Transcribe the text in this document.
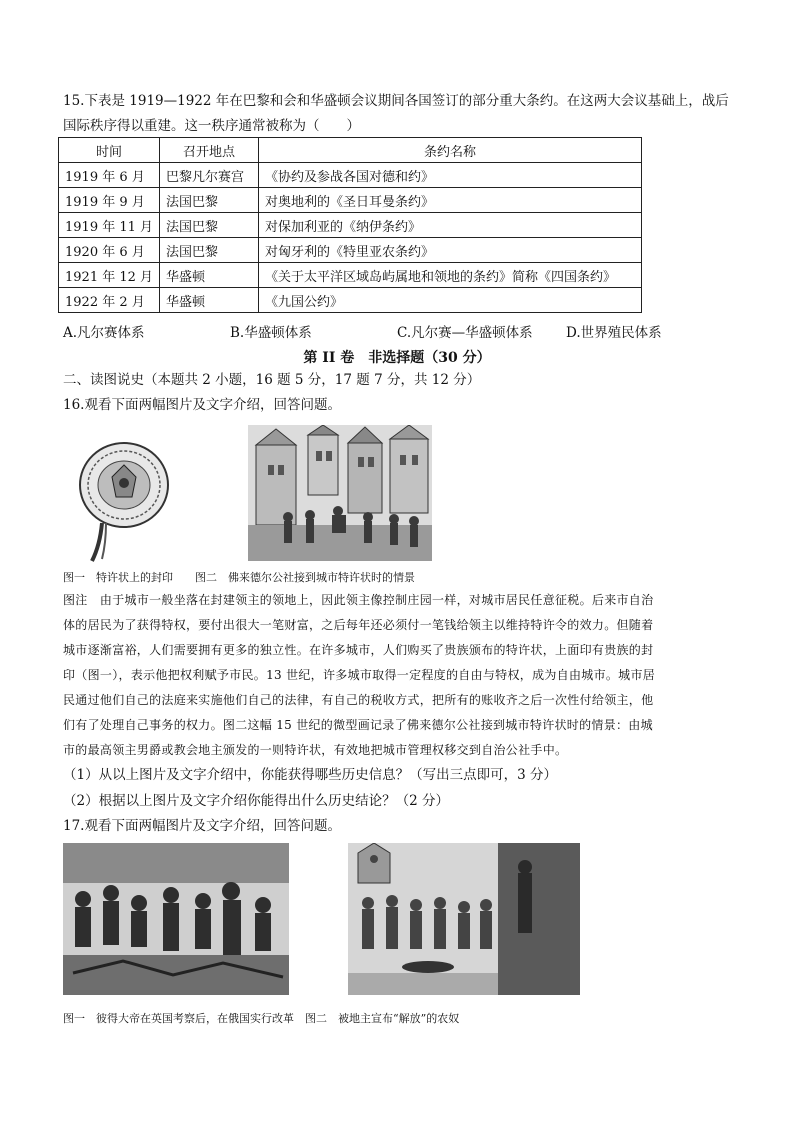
15.下表是 1919—1922 年在巴黎和会和华盛顿会议期间各国签订的部分重大条约。在这两大会议基础上，战后
国际秩序得以重建。这一秩序通常被称为（　　）
时间	召开地点	条约名称
1919 年 6 月	巴黎凡尔赛宫	《协约及参战各国对德和约》
1919 年 9 月	法国巴黎	对奥地利的《圣日耳曼条约》
1919 年 11 月	法国巴黎	对保加利亚的《纳伊条约》
1920 年 6 月	法国巴黎	对匈牙利的《特里亚农条约》
1921 年 12 月	华盛顿	《关于太平洋区域岛屿属地和领地的条约》简称《四国条约》
1922 年 2 月	华盛顿	《九国公约》
A.凡尔赛体系	B.华盛顿体系	C.凡尔赛—华盛顿体系 D.世界殖民体系
第 II 卷　非选择题（30 分）
二、读图说史（本题共 2 小题，16 题 5 分，17 题 7 分，共 12 分）
16.观看下面两幅图片及文字介绍，回答问题。
图一　特许状上的封印　　图二　佛来德尔公社接到城市特许状时的情景
图注　由于城市一般坐落在封建领主的领地上，因此领主像控制庄园一样，对城市居民任意征税。后来市自治
体的居民为了获得特权，要付出很大一笔财富，之后每年还必须付一笔钱给领主以维持特许令的效力。但随着
城市逐渐富裕，人们需要拥有更多的独立性。在许多城市，人们购买了贵族颁布的特许状，上面印有贵族的封
印（图一），表示他把权利赋予市民。13 世纪，许多城市取得一定程度的自由与特权，成为自由城市。城市居
民通过他们自己的法庭来实施他们自己的法律，有自己的税收方式，把所有的账收齐之后一次性付给领主，他
们有了处理自己事务的权力。图二这幅 15 世纪的微型画记录了佛来德尔公社接到城市特许状时的情景：由城
市的最高领主男爵或教会地主颁发的一则特许状，有效地把城市管理权移交到自治公社手中。
（1）从以上图片及文字介绍中，你能获得哪些历史信息？（写出三点即可，3 分）
（2）根据以上图片及文字介绍你能得出什么历史结论？（2 分）
17.观看下面两幅图片及文字介绍，回答问题。
图一　彼得大帝在英国考察后，在俄国实行改革　图二　被地主宣布“解放”的农奴
